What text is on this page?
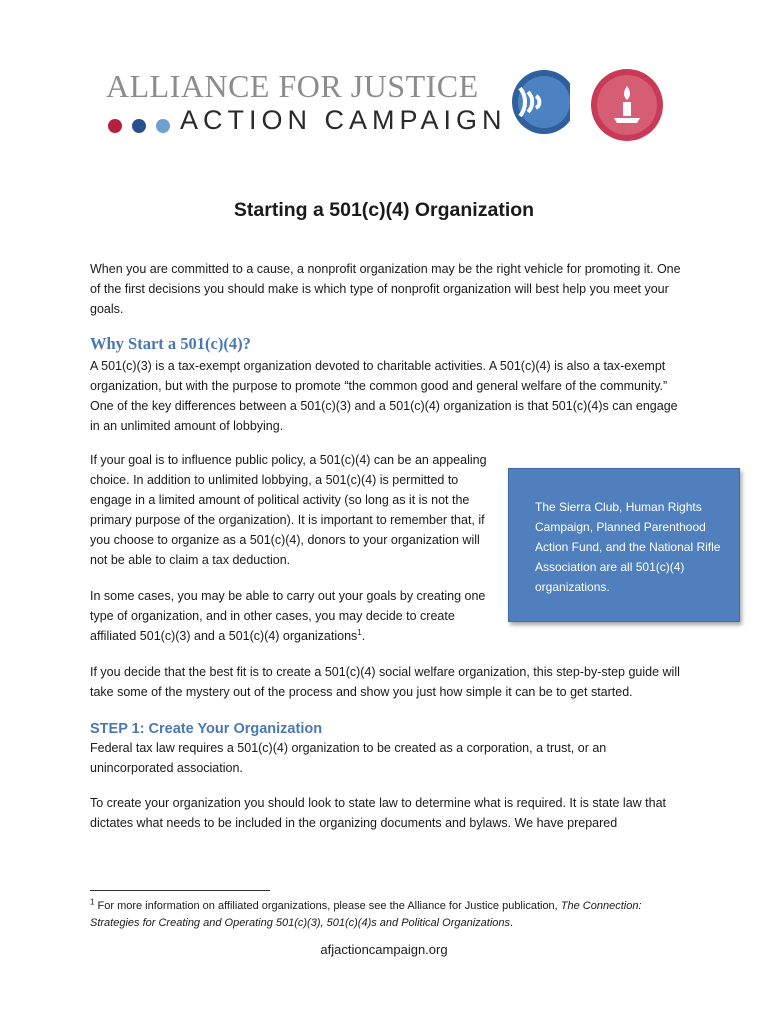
ALLIANCE FOR JUSTICE
ACTION CAMPAIGN
Starting a 501(c)(4) Organization

When you are committed to a cause, a nonprofit organization may be the right vehicle for promoting it. One of the first decisions you should make is which type of nonprofit organization will best help you meet your goals.

Why Start a 501(c)(4)?

A 501(c)(3) is a tax-exempt organization devoted to charitable activities. A 501(c)(4) is also a tax-exempt organization, but with the purpose to promote “the common good and general welfare of the community.” One of the key differences between a 501(c)(3) and a 501(c)(4) organization is that 501(c)(4)s can engage in an unlimited amount of lobbying.

If your goal is to influence public policy, a 501(c)(4) can be an appealing choice. In addition to unlimited lobbying, a 501(c)(4) is permitted to engage in a limited amount of political activity (so long as it is not the primary purpose of the organization). It is important to remember that, if you choose to organize as a 501(c)(4), donors to your organization will not be able to claim a tax deduction.

In some cases, you may be able to carry out your goals by creating one type of organization, and in other cases, you may decide to create affiliated 501(c)(3) and a 501(c)(4) organizations$^1$.

The Sierra Club, Human Rights Campaign, Planned Parenthood Action Fund, and the National Rifle Association are all 501(c)(4) organizations.

If you decide that the best fit is to create a 501(c)(4) social welfare organization, this step-by-step guide will take some of the mystery out of the process and show you just how simple it can be to get started.

STEP 1: Create Your Organization

Federal tax law requires a 501(c)(4) organization to be created as a corporation, a trust, or an unincorporated association.

To create your organization you should look to state law to determine what is required. It is state law that dictates what needs to be included in the organizing documents and bylaws. We have prepared

$^1$ For more information on affiliated organizations, please see the Alliance for Justice publication, The Connection: Strategies for Creating and Operating 501(c)(3), 501(c)(4)s and Political Organizations.

afjactioncampaign.org
